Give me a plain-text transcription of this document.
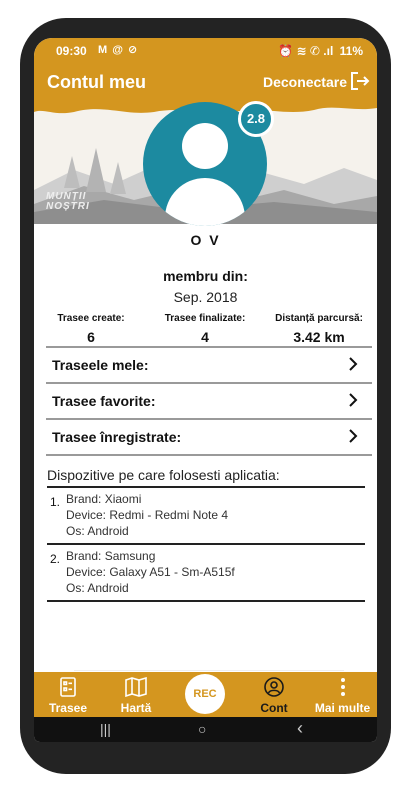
09:30 M @ ⊘	⏰ ≋ ✆ .ıl 11%
Contul meu	Deconectare
MUNȚII
NOȘTRI
2.8
O V
membru din:
Sep. 2018
Trasee create:
6
Trasee finalizate:
4
Distanță parcursă:
3.42 km
Traseele mele:
Trasee favorite:
Trasee înregistrate:
Dispozitive pe care folosesti aplicatia:
1. Brand: Xiaomi
Device: Redmi - Redmi Note 4
Os: Android
2. Brand: Samsung
Device: Galaxy A51 - Sm-A515f
Os: Android
Trasee	Hartă
REC
Cont	Mai multe
|||	○	‹
